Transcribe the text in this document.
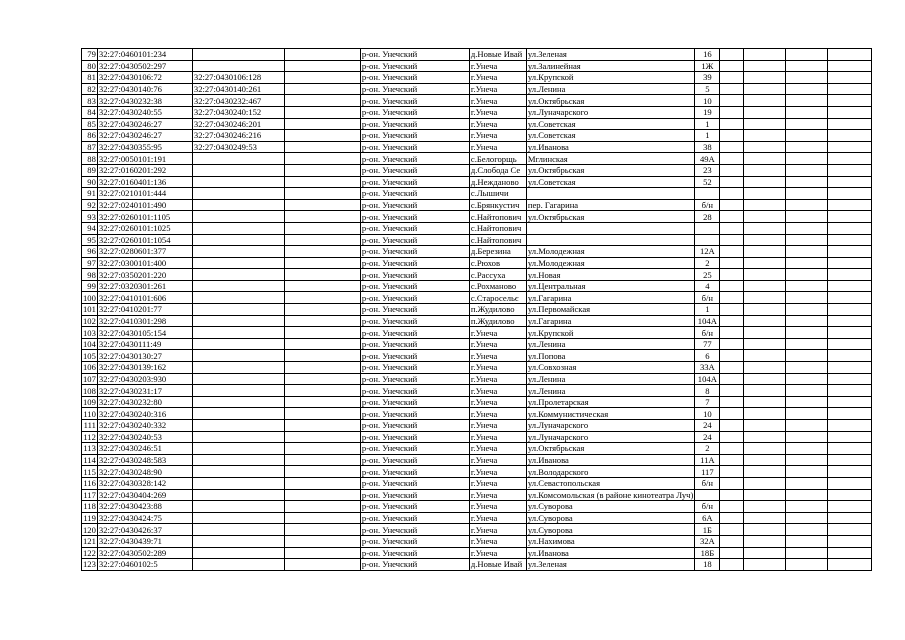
79	32:27:0460101:234			р-он. Унечский	д.Новые Ивай	ул.Зеленая	16				
80	32:27:0430502:297			р-он. Унечский	г.Унеча	ул.Залинейная	1Ж				
81	32:27:0430106:72	32:27:0430106:128		р-он. Унечский	г.Унеча	ул.Крупской	39				
82	32:27:0430140:76	32:27:0430140:261		р-он. Унечский	г.Унеча	ул.Ленина	5				
83	32:27:0430232:38	32:27:0430232:467		р-он. Унечский	г.Унеча	ул.Октябрьская	10				
84	32:27:0430240:55	32:27:0430240:152		р-он. Унечский	г.Унеча	ул.Луначарского	19				
85	32:27:0430246:27	32:27:0430246:201		р-он. Унечский	г.Унеча	ул.Советская	1				
86	32:27:0430246:27	32:27:0430246:216		р-он. Унечский	г.Унеча	ул.Советская	1				
87	32:27:0430355:95	32:27:0430249:53		р-он. Унечский	г.Унеча	ул.Иванова	38				
88	32:27:0050101:191			р-он. Унечский	с.Белогорщь	Мглинская	49А				
89	32:27:0160201:292			р-он. Унечский	д.Слобода Се	ул.Октябрьская	23				
90	32:27:0160401:136			р-он. Унечский	д.Нежданово	ул.Советская	52				
91	32:27:0210101:444			р-он. Унечский	с.Лышичи						
92	32:27:0240101:490			р-он. Унечский	с.Брянкустич	пер. Гагарина	б/н				
93	32:27:0260101:1105			р-он. Унечский	с.Найтопович	ул.Октябрьская	28				
94	32:27:0260101:1025			р-он. Унечский	с.Найтопович						
95	32:27:0260101:1054			р-он. Унечский	с.Найтопович						
96	32:27:0280601:377			р-он. Унечский	д.Березина	ул.Молодежная	12А				
97	32:27:0300101:400			р-он. Унечский	с.Рюхов	ул.Молодежная	2				
98	32:27:0350201:220			р-он. Унечский	с.Рассуха	ул.Новая	25				
99	32:27:0320301:261			р-он. Унечский	с.Рохманово	ул.Центральная	4				
100	32:27:0410101:606			р-он. Унечский	с.Старосельє	ул.Гагарина	б/н				
101	32:27:0410201:77			р-он. Унечский	п.Жудилово	ул.Первомайская	1				
102	32:27:0410301:298			р-он. Унечский	п.Жудилово	ул.Гагарина	104А				
103	32:27:0430105:154			р-он. Унечский	г.Унеча	ул.Крупской	б/н				
104	32:27:0430111:49			р-он. Унечский	г.Унеча	ул.Ленина	77				
105	32:27:0430130:27			р-он. Унечский	г.Унеча	ул.Попова	6				
106	32:27:0430139:162			р-он. Унечский	г.Унеча	ул.Совхозная	33А				
107	32:27:0430203:930			р-он. Унечский	г.Унеча	ул.Ленина	104А				
108	32:27:0430231:17			р-он. Унечский	г.Унеча	ул.Ленина	8				
109	32:27:0430232:80			р-он. Унечский	г.Унеча	ул.Пролетарская	7				
110	32:27:0430240:316			р-он. Унечский	г.Унеча	ул.Коммунистическая	10				
111	32:27:0430240:332			р-он. Унечский	г.Унеча	ул.Луначарского	24				
112	32:27:0430240:53			р-он. Унечский	г.Унеча	ул.Луначарского	24				
113	32:27:0430246:51			р-он. Унечский	г.Унеча	ул.Октябрьская	2				
114	32:27:0430248:583			р-он. Унечский	г.Унеча	ул.Иванова	11А				
115	32:27:0430248:90			р-он. Унечский	г.Унеча	ул.Володарского	117				
116	32:27:0430328:142			р-он. Унечский	г.Унеча	ул.Севастопольская	б/н				
117	32:27:0430404:269			р-он. Унечский	г.Унеча	ул.Комсомольская (в районе кинотеатра Луч)					
118	32:27:0430423:88			р-он. Унечский	г.Унеча	ул.Суворова	б/н				
119	32:27:0430424:75			р-он. Унечский	г.Унеча	ул.Суворова	6А				
120	32:27:0430426:37			р-он. Унечский	г.Унеча	ул.Суворова	1Б				
121	32:27:0430439:71			р-он. Унечский	г.Унеча	ул.Нахимова	32А				
122	32:27:0430502:289			р-он. Унечский	г.Унеча	ул.Иванова	18Б				
123	32:27:0460102:5			р-он. Унечский	д.Новые Ивай	ул.Зеленая	18				
